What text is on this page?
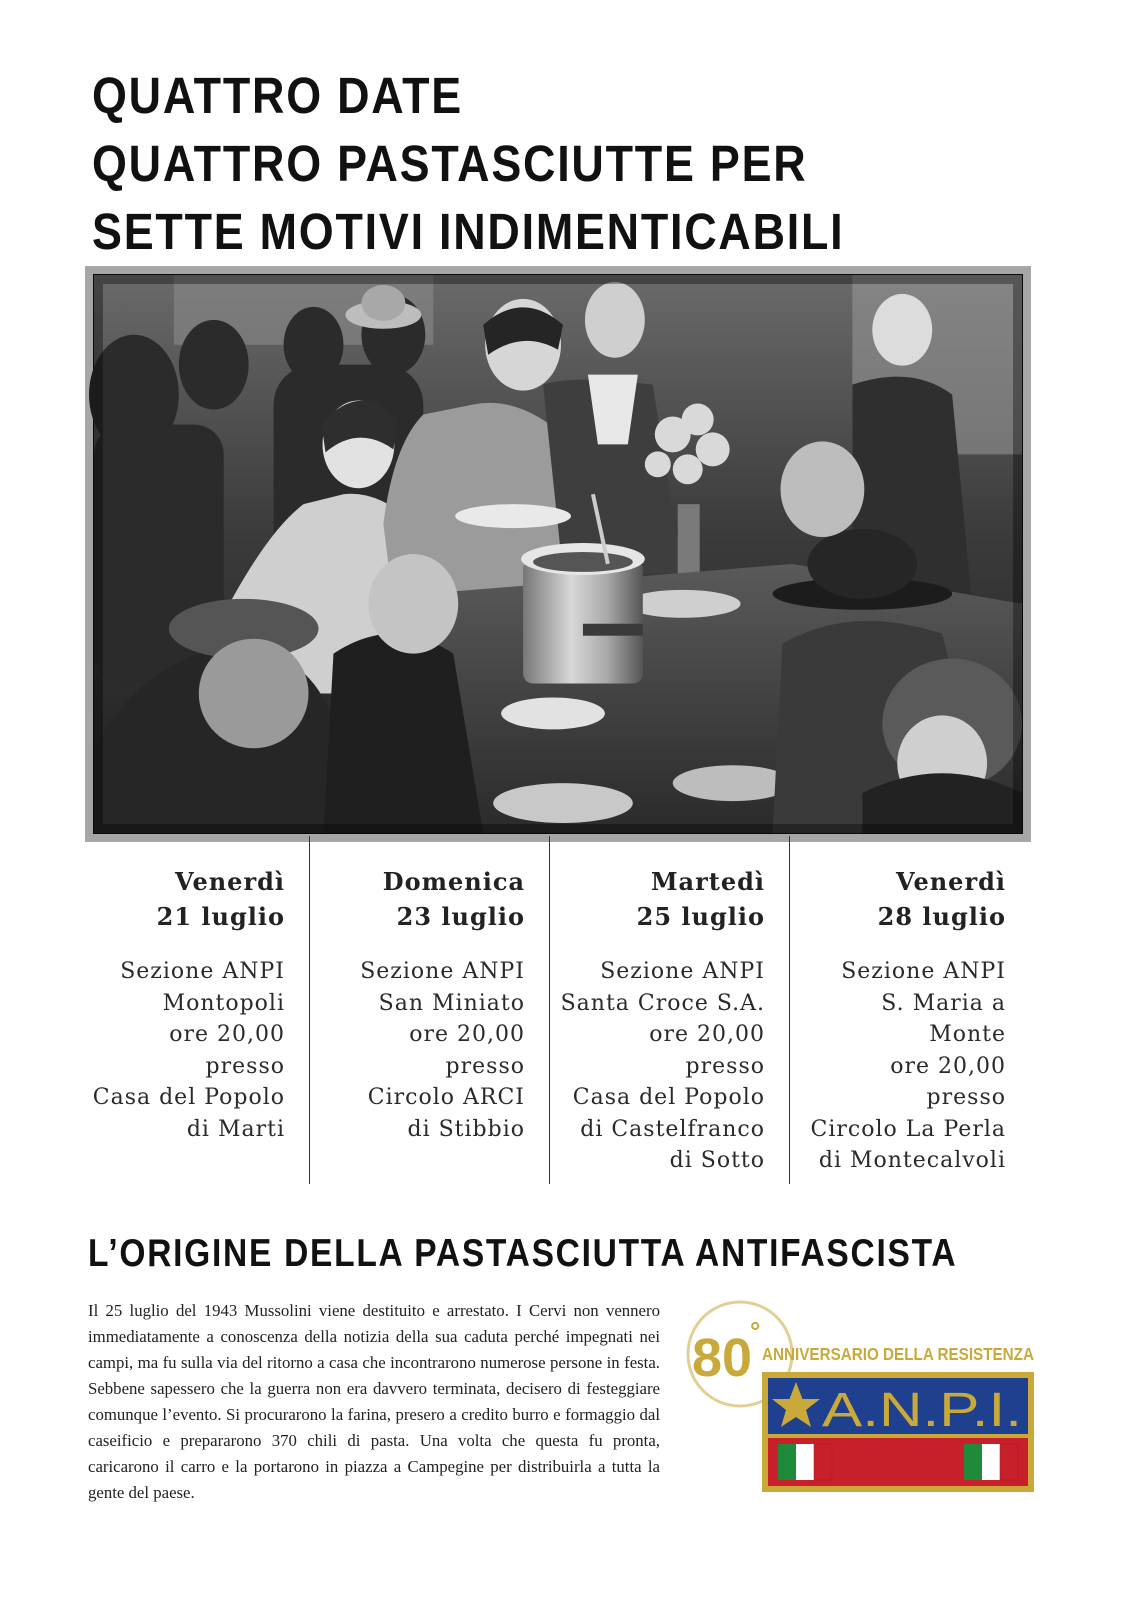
QUATTRO DATE
QUATTRO PASTASCIUTTE PER
SETTE MOTIVI INDIMENTICABILI
Venerdì
21 luglio
Sezione ANPI
Montopoli
ore 20,00
presso
Casa del Popolo
di Marti
Domenica
23 luglio
Sezione ANPI
San Miniato
ore 20,00
presso
Circolo ARCI
di Stibbio
Martedì
25 luglio
Sezione ANPI
Santa Croce S.A.
ore 20,00
presso
Casa del Popolo
di Castelfranco
di Sotto
Venerdì
28 luglio
Sezione ANPI
S. Maria a
Monte
ore 20,00
presso
Circolo La Perla
di Montecalvoli
L’ORIGINE DELLA PASTASCIUTTA ANTIFASCISTA
Il 25 luglio del 1943 Mussolini viene destituito e arrestato. I Cervi non vennero immediatamente a conoscenza della notizia della sua caduta perché impegnati nei campi, ma fu sulla via del ritorno a casa che incontrarono numerose persone in festa. Sebbene sapessero che la guerra non era davvero terminata, decisero di festeggiare comunque l’evento. Si procurarono la farina, presero a credito burro e formaggio dal caseificio e prepararono 370 chili di pasta. Una volta che questa fu pronta, caricarono il carro e la portarono in piazza a Campegine per distribuirla a tutta la gente del paese.
80
°
ANNIVERSARIO DELLA RESISTENZA
A.N.P.I.
